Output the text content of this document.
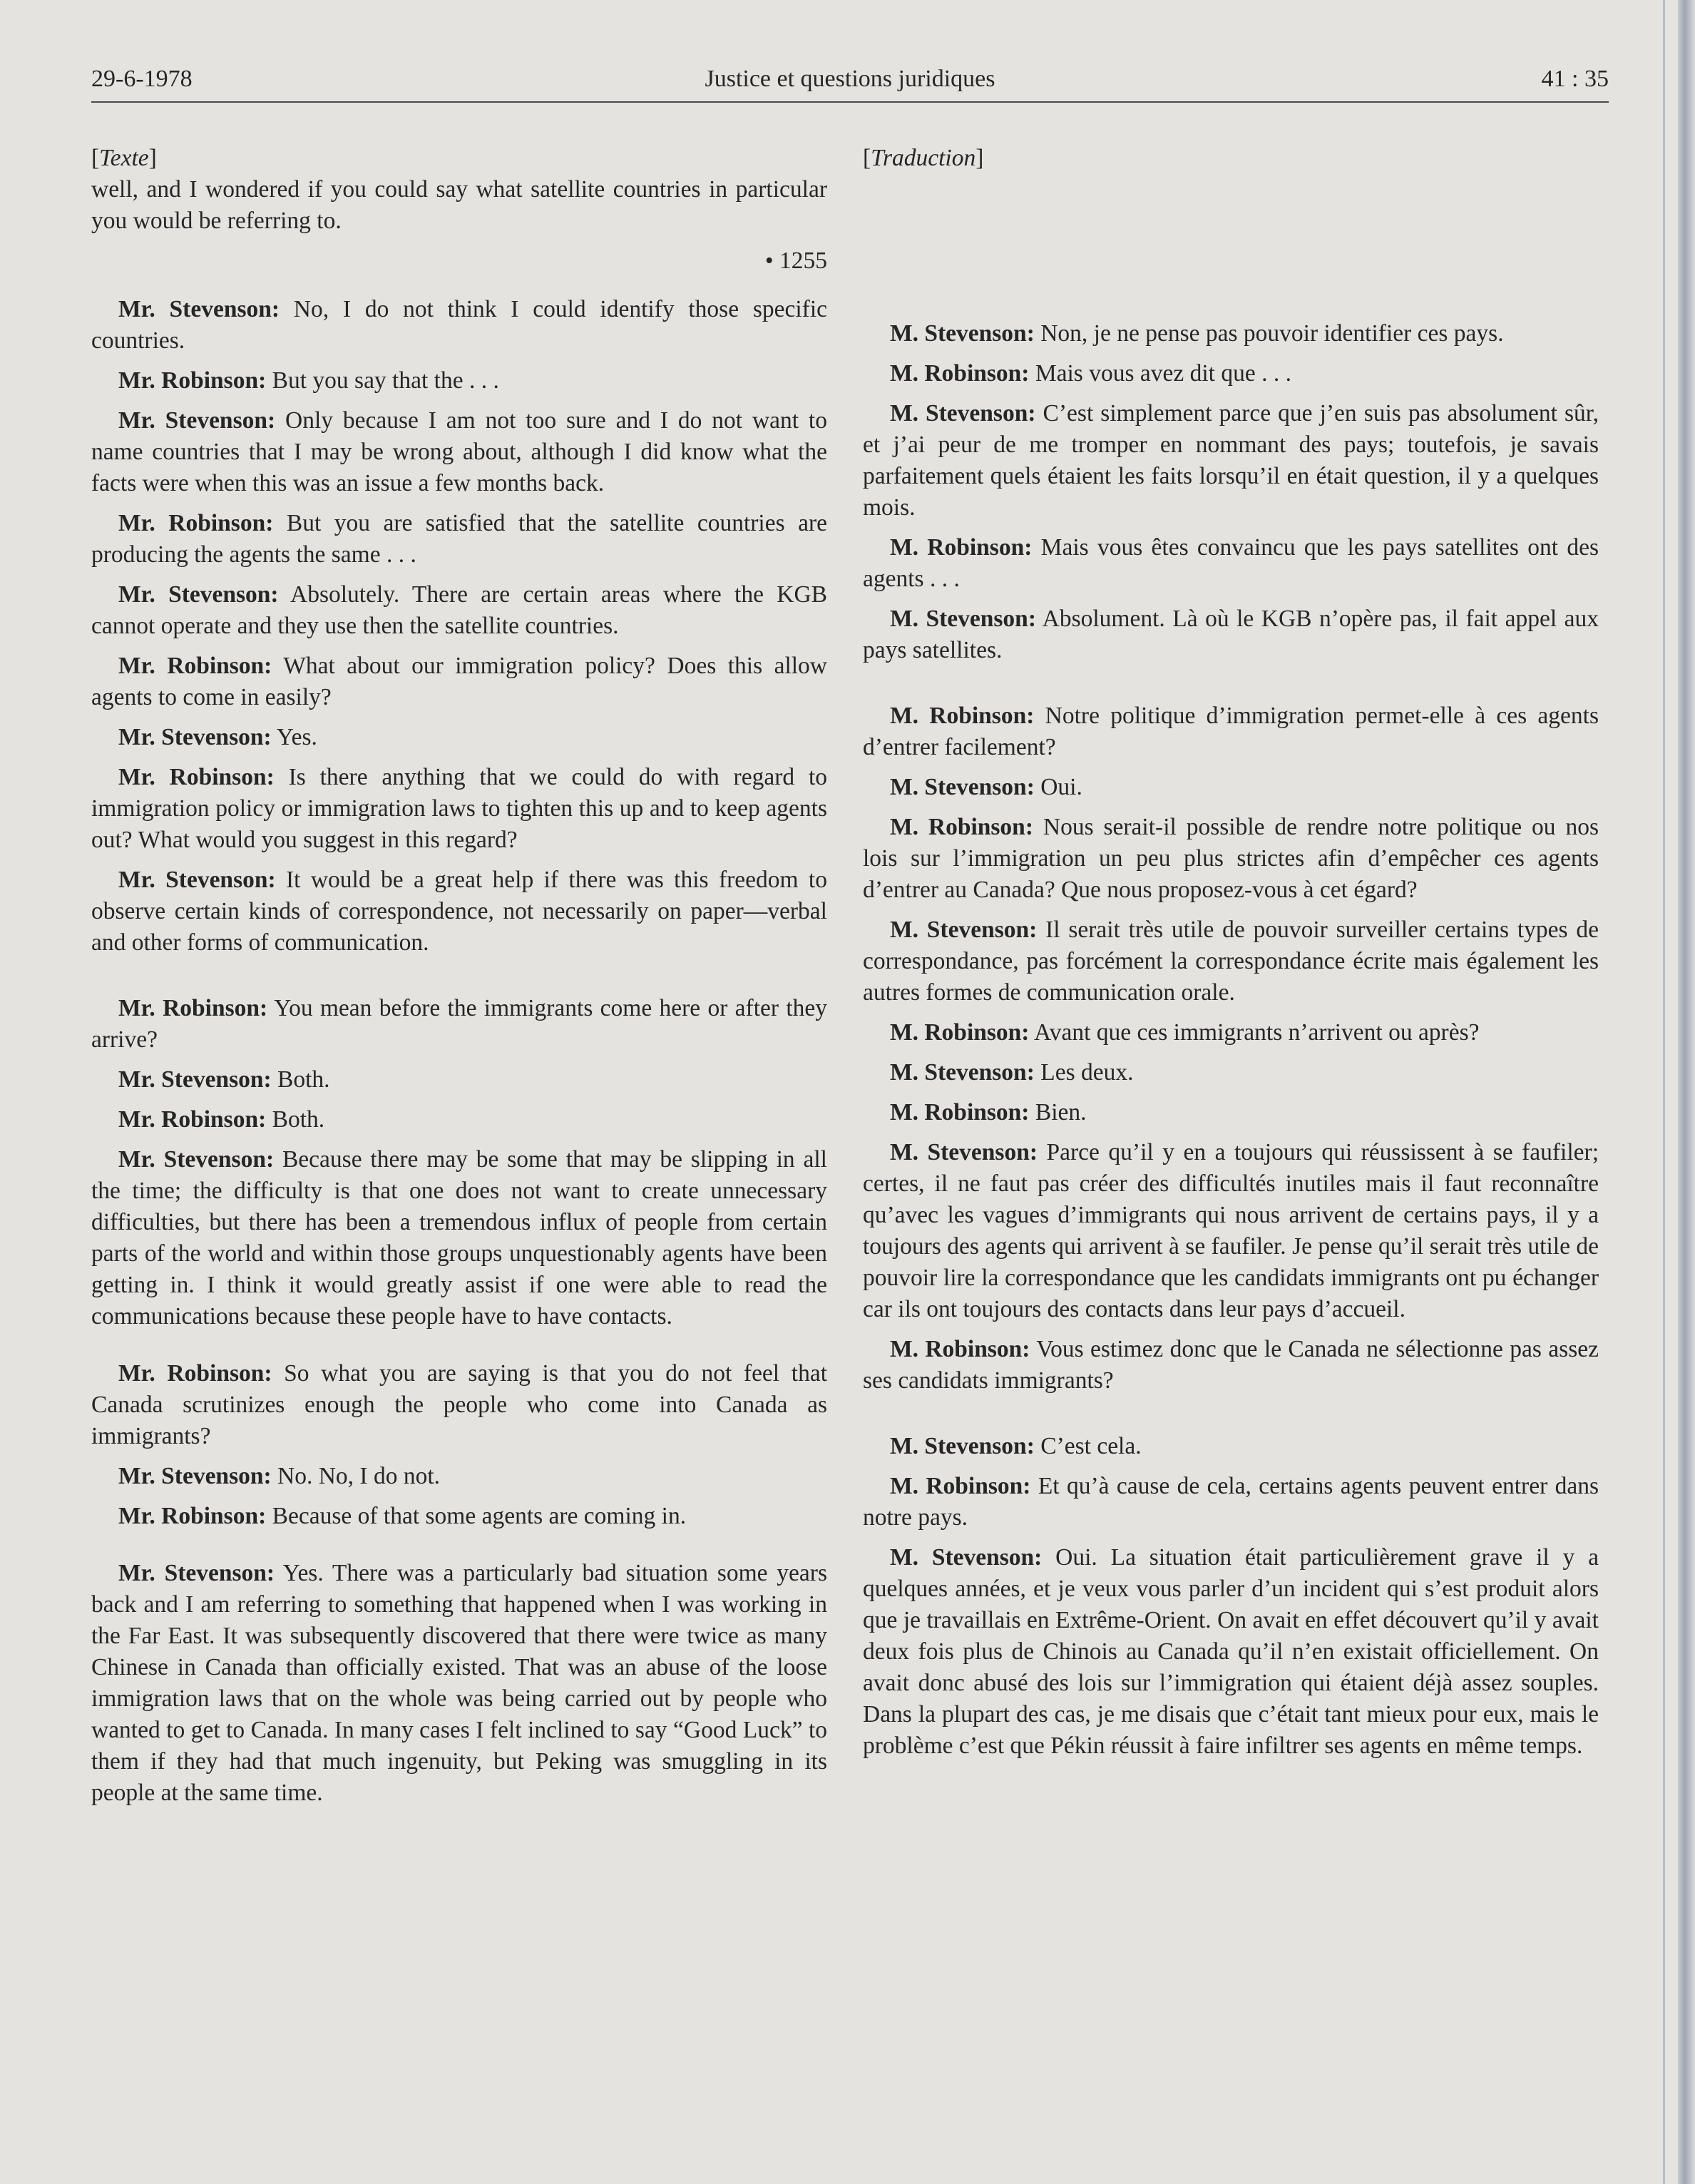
29-6-1978	Justice et questions juridiques	41 : 35

[Texte]

well, and I wondered if you could say what satellite countries in particular you would be referring to.

• 1255

Mr. Stevenson: No, I do not think I could identify those specific countries.

Mr. Robinson: But you say that the . . .

Mr. Stevenson: Only because I am not too sure and I do not want to name countries that I may be wrong about, although I did know what the facts were when this was an issue a few months back.

Mr. Robinson: But you are satisfied that the satellite countries are producing the agents the same . . .

Mr. Stevenson: Absolutely. There are certain areas where the KGB cannot operate and they use then the satellite countries.

Mr. Robinson: What about our immigration policy? Does this allow agents to come in easily?

Mr. Stevenson: Yes.

Mr. Robinson: Is there anything that we could do with regard to immigration policy or immigration laws to tighten this up and to keep agents out? What would you suggest in this regard?

Mr. Stevenson: It would be a great help if there was this freedom to observe certain kinds of correspondence, not necessarily on paper—verbal and other forms of communication.

Mr. Robinson: You mean before the immigrants come here or after they arrive?

Mr. Stevenson: Both.

Mr. Robinson: Both.

Mr. Stevenson: Because there may be some that may be slipping in all the time; the difficulty is that one does not want to create unnecessary difficulties, but there has been a tremendous influx of people from certain parts of the world and within those groups unquestionably agents have been getting in. I think it would greatly assist if one were able to read the communications because these people have to have contacts.

Mr. Robinson: So what you are saying is that you do not feel that Canada scrutinizes enough the people who come into Canada as immigrants?

Mr. Stevenson: No. No, I do not.

Mr. Robinson: Because of that some agents are coming in.

Mr. Stevenson: Yes. There was a particularly bad situation some years back and I am referring to something that happened when I was working in the Far East. It was subsequently discovered that there were twice as many Chinese in Canada than officially existed. That was an abuse of the loose immigration laws that on the whole was being carried out by people who wanted to get to Canada. In many cases I felt inclined to say “Good Luck” to them if they had that much ingenuity, but Peking was smuggling in its people at the same time.

[Traduction]

M. Stevenson: Non, je ne pense pas pouvoir identifier ces pays.

M. Robinson: Mais vous avez dit que . . .

M. Stevenson: C’est simplement parce que j’en suis pas absolument sûr, et j’ai peur de me tromper en nommant des pays; toutefois, je savais parfaitement quels étaient les faits lorsqu’il en était question, il y a quelques mois.

M. Robinson: Mais vous êtes convaincu que les pays satellites ont des agents . . .

M. Stevenson: Absolument. Là où le KGB n’opère pas, il fait appel aux pays satellites.

M. Robinson: Notre politique d’immigration permet-elle à ces agents d’entrer facilement?

M. Stevenson: Oui.

M. Robinson: Nous serait-il possible de rendre notre politique ou nos lois sur l’immigration un peu plus strictes afin d’empêcher ces agents d’entrer au Canada? Que nous proposez-vous à cet égard?

M. Stevenson: Il serait très utile de pouvoir surveiller certains types de correspondance, pas forcément la correspondance écrite mais également les autres formes de communication orale.

M. Robinson: Avant que ces immigrants n’arrivent ou après?

M. Stevenson: Les deux.

M. Robinson: Bien.

M. Stevenson: Parce qu’il y en a toujours qui réussissent à se faufiler; certes, il ne faut pas créer des difficultés inutiles mais il faut reconnaître qu’avec les vagues d’immigrants qui nous arrivent de certains pays, il y a toujours des agents qui arrivent à se faufiler. Je pense qu’il serait très utile de pouvoir lire la correspondance que les candidats immigrants ont pu échanger car ils ont toujours des contacts dans leur pays d’accueil.

M. Robinson: Vous estimez donc que le Canada ne sélectionne pas assez ses candidats immigrants?

M. Stevenson: C’est cela.

M. Robinson: Et qu’à cause de cela, certains agents peuvent entrer dans notre pays.

M. Stevenson: Oui. La situation était particulièrement grave il y a quelques années, et je veux vous parler d’un incident qui s’est produit alors que je travaillais en Extrême-Orient. On avait en effet découvert qu’il y avait deux fois plus de Chinois au Canada qu’il n’en existait officiellement. On avait donc abusé des lois sur l’immigration qui étaient déjà assez souples. Dans la plupart des cas, je me disais que c’était tant mieux pour eux, mais le problème c’est que Pékin réussit à faire infiltrer ses agents en même temps.
